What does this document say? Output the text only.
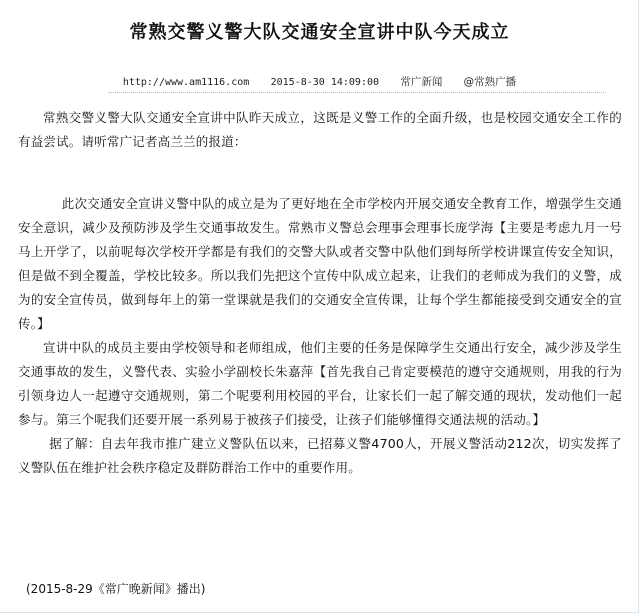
常熟交警义警大队交通安全宣讲中队今天成立
http://www.am1116.com 2015-8-30 14:09:00 常广新闻 @常熟广播

常熟交警义警大队交通安全宣讲中队昨天成立，这既是义警工作的全面升级，也是校园交通安全工作的有益尝试。请听常广记者高兰兰的报道：

此次交通安全宣讲义警中队的成立是为了更好地在全市学校内开展交通安全教育工作，增强学生交通安全意识，减少及预防涉及学生交通事故发生。常熟市义警总会理事会理事长庞学海【主要是考虑九月一号马上开学了，以前呢每次学校开学都是有我们的交警大队或者交警中队他们到每所学校讲课宣传安全知识，但是做不到全覆盖，学校比较多。所以我们先把这个宣传中队成立起来，让我们的老师成为我们的义警，成为的安全宣传员，做到每年上的第一堂课就是我们的交通安全宣传课，让每个学生都能接受到交通安全的宣传。】

宣讲中队的成员主要由学校领导和老师组成，他们主要的任务是保障学生交通出行安全，减少涉及学生交通事故的发生，义警代表、实验小学副校长朱嘉萍【首先我自己肯定要模范的遵守交通规则，用我的行为引领身边人一起遵守交通规则，第二个呢要利用校园的平台，让家长们一起了解交通的现状，发动他们一起参与。第三个呢我们还要开展一系列易于被孩子们接受，让孩子们能够懂得交通法规的活动。】

据了解：自去年我市推广建立义警队伍以来，已招募义警4700人，开展义警活动212次，切实发挥了义警队伍在维护社会秩序稳定及群防群治工作中的重要作用。

(2015-8-29《常广晚新闻》播出)
